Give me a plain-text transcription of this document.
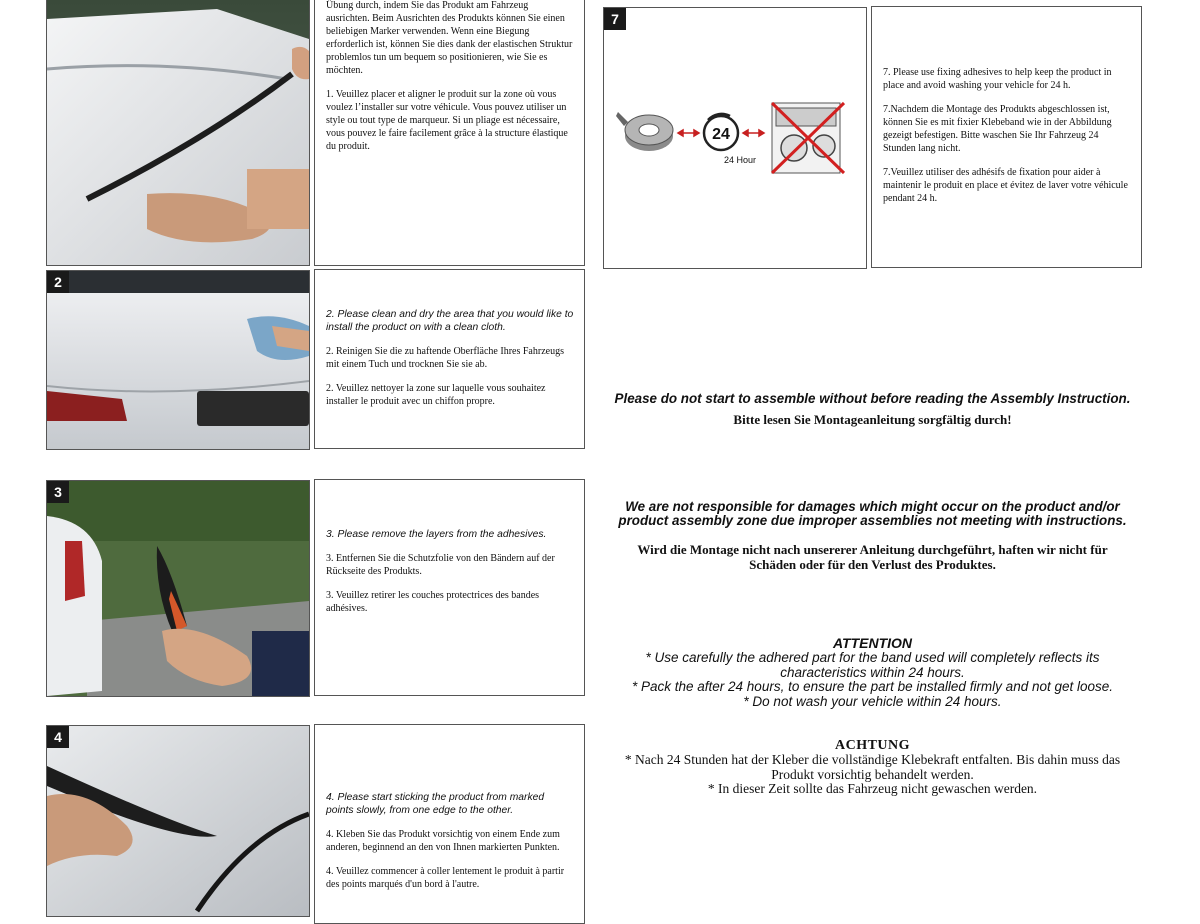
Übung durch, indem Sie das Produkt am Fahrzeug ausrichten. Beim Ausrichten des Produkts können Sie einen beliebigen Marker verwenden. Wenn eine Biegung erforderlich ist, können Sie dies dank der elastischen Struktur problemlos tun um bequem so positionieren, wie Sie es möchten.

1. Veuillez placer et aligner le produit sur la zone où vous voulez l’installer sur votre véhicule. Vous pouvez utiliser un style ou tout type de marqueur. Si un pliage est nécessaire, vous pouvez le faire facilement grâce à la structure élastique du produit.

2

2. Please clean and dry the area that you would like to install the product on with a clean cloth.

2. Reinigen Sie die zu haftende Oberfläche Ihres Fahrzeugs mit einem Tuch und trocknen Sie sie ab.

2. Veuillez nettoyer la zone sur laquelle vous souhaitez installer le produit avec un chiffon propre.

3

3. Please remove the layers from the adhesives.

3. Entfernen Sie die Schutzfolie von den Bändern auf der Rückseite des Produkts.

3. Veuillez retirer les couches protectrices des bandes adhésives.

4

4. Please start sticking the product from marked points slowly, from one edge to the other.

4. Kleben Sie das Produkt vorsichtig von einem Ende zum anderen, beginnend an den von Ihnen markierten Punkten.

4. Veuillez commencer à coller lentement le produit à partir des points marqués d'un bord à l'autre.

24
24 Hour

7. Please use fixing adhesives to help keep the product in place and avoid washing your vehicle for 24 h.

7.Nachdem die Montage des Produkts abgeschlossen ist, können Sie es mit fixier Klebeband wie in der Abbildung gezeigt befestigen. Bitte waschen Sie Ihr Fahrzeug 24 Stunden lang nicht.

7.Veuillez utiliser des adhésifs de fixation pour aider à maintenir le produit en place et évitez de laver votre véhicule pendant 24 h.

7
Please do not start to assemble without before reading the Assembly Instruction.
Bitte lesen Sie Montageanleitung sorgfältig durch!
We are not responsible for damages which might occur on the product and/or
product assembly zone due improper assemblies not meeting with instructions.
Wird die Montage nicht nach unsererer Anleitung durchgeführt, haften wir nicht für
Schäden oder für den Verlust des Produktes.
ATTENTION
* Use carefully the adhered part for the band used will completely reflects its
characteristics within 24 hours.
* Pack the after 24 hours, to ensure the part be installed firmly and not get loose.
* Do not wash your vehicle within 24 hours.
ACHTUNG
* Nach 24 Stunden hat der Kleber die vollständige Klebekraft entfalten. Bis dahin muss das
Produkt vorsichtig behandelt werden.
* In dieser Zeit sollte das Fahrzeug nicht gewaschen werden.
